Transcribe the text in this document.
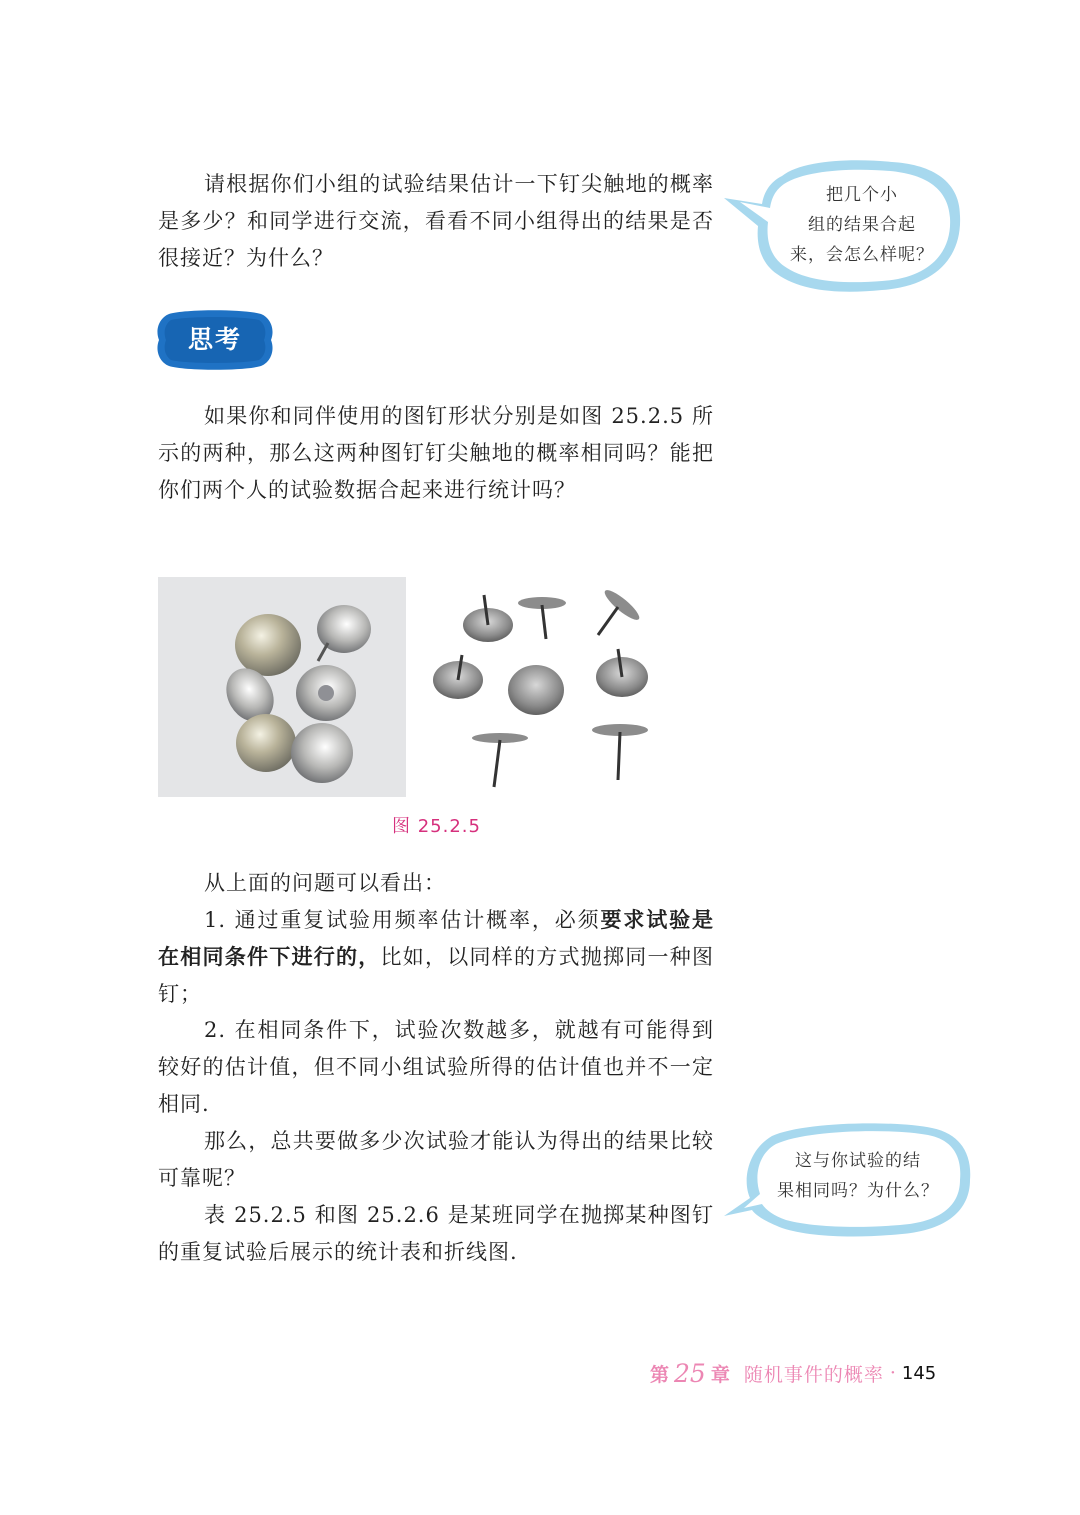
请根据你们小组的试验结果估计一下钉尖触地的概率是多少？和同学进行交流，看看不同小组得出的结果是否很接近？为什么？

把几个小
组的结果合起
来，会怎么样呢？
思考

如果你和同伴使用的图钉形状分别是如图 25.2.5 所示的两种，那么这两种图钉钉尖触地的概率相同吗？能把你们两个人的试验数据合起来进行统计吗？

图 25.2.5

从上面的问题可以看出：

1. 通过重复试验用频率估计概率，必须要求试验是在相同条件下进行的，比如，以同样的方式抛掷同一种图钉；

2. 在相同条件下，试验次数越多，就越有可能得到较好的估计值，但不同小组试验所得的估计值也并不一定相同.

那么，总共要做多少次试验才能认为得出的结果比较可靠呢？

表 25.2.5 和图 25.2.6 是某班同学在抛掷某种图钉的重复试验后展示的统计表和折线图.

这与你试验的结
果相同吗？为什么？
第 25 章 随机事件的概率 · 145
